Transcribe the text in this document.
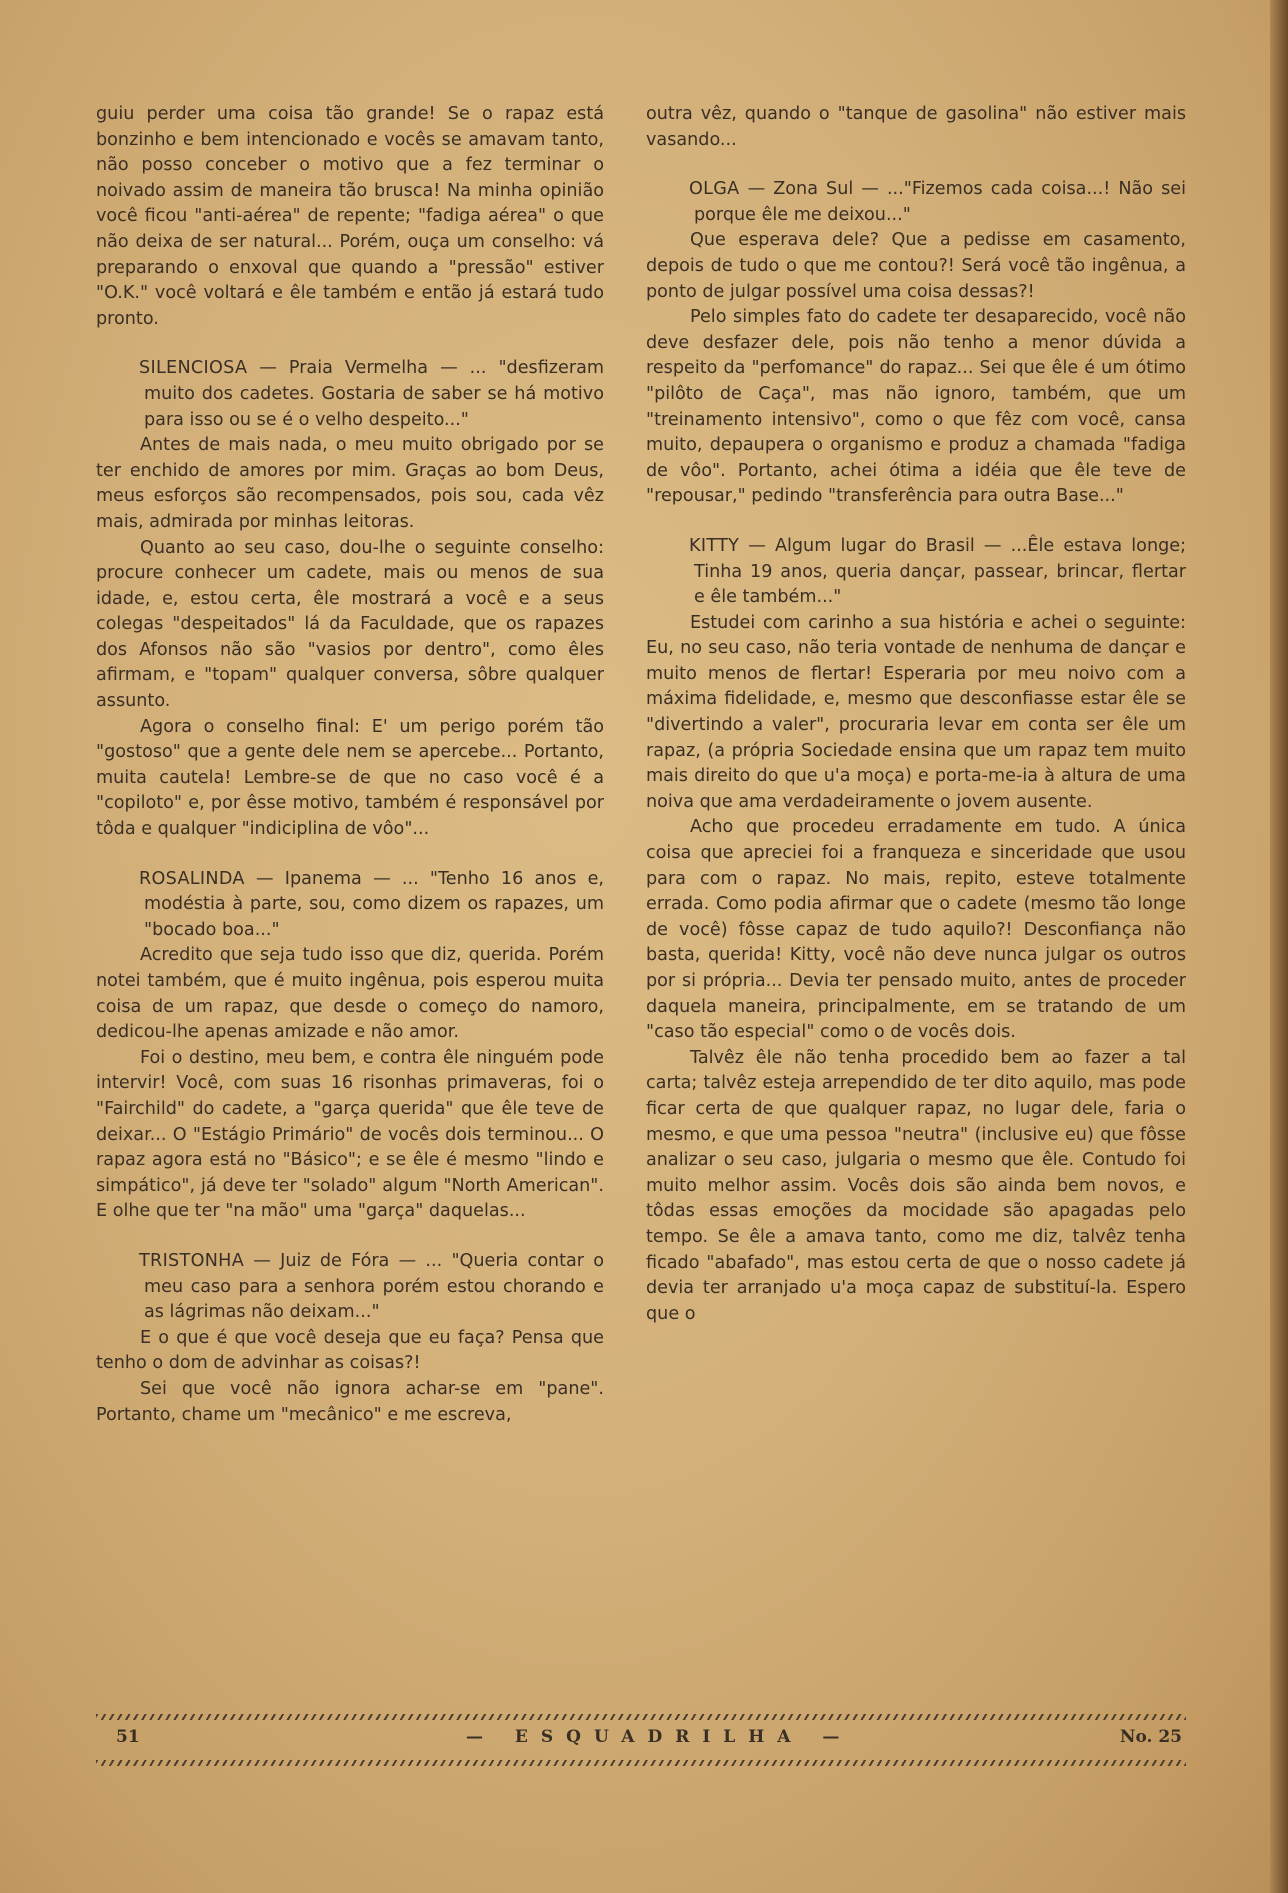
guiu perder uma coisa tão grande! Se o rapaz está bonzinho e bem intencionado e vocês se amavam tanto, não posso conceber o motivo que a fez terminar o noivado assim de maneira tão brusca! Na minha opinião você ficou "anti-aérea" de repente; "fadiga aérea" o que não deixa de ser natural... Porém, ouça um conselho: vá preparando o enxoval que quando a "pressão" estiver "O.K." você voltará e êle também e então já estará tudo pronto.

SILENCIOSA — Praia Vermelha — ... "desfizeram muito dos cadetes. Gostaria de saber se há motivo para isso ou se é o velho despeito..."

Antes de mais nada, o meu muito obrigado por se ter enchido de amores por mim. Graças ao bom Deus, meus esforços são recompensados, pois sou, cada vêz mais, admirada por minhas leitoras.

Quanto ao seu caso, dou-lhe o seguinte conselho: procure conhecer um cadete, mais ou menos de sua idade, e, estou certa, êle mostrará a você e a seus colegas "despeitados" lá da Faculdade, que os rapazes dos Afonsos não são "vasios por dentro", como êles afirmam, e "topam" qualquer conversa, sôbre qualquer assunto.

Agora o conselho final: E' um perigo porém tão "gostoso" que a gente dele nem se apercebe... Portanto, muita cautela! Lembre-se de que no caso você é a "copiloto" e, por êsse motivo, também é responsável por tôda e qualquer "indiciplina de vôo"...

ROSALINDA — Ipanema — ... "Tenho 16 anos e, modéstia à parte, sou, como dizem os rapazes, um "bocado boa..."

Acredito que seja tudo isso que diz, querida. Porém notei também, que é muito ingênua, pois esperou muita coisa de um rapaz, que desde o começo do namoro, dedicou-lhe apenas amizade e não amor.

Foi o destino, meu bem, e contra êle ninguém pode intervir! Você, com suas 16 risonhas primaveras, foi o "Fairchild" do cadete, a "garça querida" que êle teve de deixar... O "Estágio Primário" de vocês dois terminou... O rapaz agora está no "Básico"; e se êle é mesmo "lindo e simpático", já deve ter "solado" algum "North American". E olhe que ter "na mão" uma "garça" daquelas...

TRISTONHA — Juiz de Fóra — ... "Queria contar o meu caso para a senhora porém estou chorando e as lágrimas não deixam..."

E o que é que você deseja que eu faça? Pensa que tenho o dom de advinhar as coisas?!

Sei que você não ignora achar-se em "pane". Portanto, chame um "mecânico" e me escreva,

outra vêz, quando o "tanque de gasolina" não estiver mais vasando...

OLGA — Zona Sul — ..."Fizemos cada coisa...! Não sei porque êle me deixou..."

Que esperava dele? Que a pedisse em casamento, depois de tudo o que me contou?! Será você tão ingênua, a ponto de julgar possível uma coisa dessas?!

Pelo simples fato do cadete ter desaparecido, você não deve desfazer dele, pois não tenho a menor dúvida a respeito da "perfomance" do rapaz... Sei que êle é um ótimo "pilôto de Caça", mas não ignoro, também, que um "treinamento intensivo", como o que fêz com você, cansa muito, depaupera o organismo e produz a chamada "fadiga de vôo". Portanto, achei ótima a idéia que êle teve de "repousar," pedindo "transferência para outra Base..."

KITTY — Algum lugar do Brasil — ...Êle estava longe; Tinha 19 anos, queria dançar, passear, brincar, flertar e êle também..."

Estudei com carinho a sua história e achei o seguinte: Eu, no seu caso, não teria vontade de nenhuma de dançar e muito menos de flertar! Esperaria por meu noivo com a máxima fidelidade, e, mesmo que desconfiasse estar êle se "divertindo a valer", procuraria levar em conta ser êle um rapaz, (a própria Sociedade ensina que um rapaz tem muito mais direito do que u'a moça) e porta-me-ia à altura de uma noiva que ama verdadeiramente o jovem ausente.

Acho que procedeu erradamente em tudo. A única coisa que apreciei foi a franqueza e sinceridade que usou para com o rapaz. No mais, repito, esteve totalmente errada. Como podia afirmar que o cadete (mesmo tão longe de você) fôsse capaz de tudo aquilo?! Desconfiança não basta, querida! Kitty, você não deve nunca julgar os outros por si própria... Devia ter pensado muito, antes de proceder daquela maneira, principalmente, em se tratando de um "caso tão especial" como o de vocês dois.

Talvêz êle não tenha procedido bem ao fazer a tal carta; talvêz esteja arrependido de ter dito aquilo, mas pode ficar certa de que qualquer rapaz, no lugar dele, faria o mesmo, e que uma pessoa "neutra" (inclusive eu) que fôsse analizar o seu caso, julgaria o mesmo que êle. Contudo foi muito melhor assim. Vocês dois são ainda bem novos, e tôdas essas emoções da mocidade são apagadas pelo tempo. Se êle a amava tanto, como me diz, talvêz tenha ficado "abafado", mas estou certa de que o nosso cadete já devia ter arranjado u'a moça capaz de substituí-la. Espero que o

51	— ESQUADRILHA —	No. 25
